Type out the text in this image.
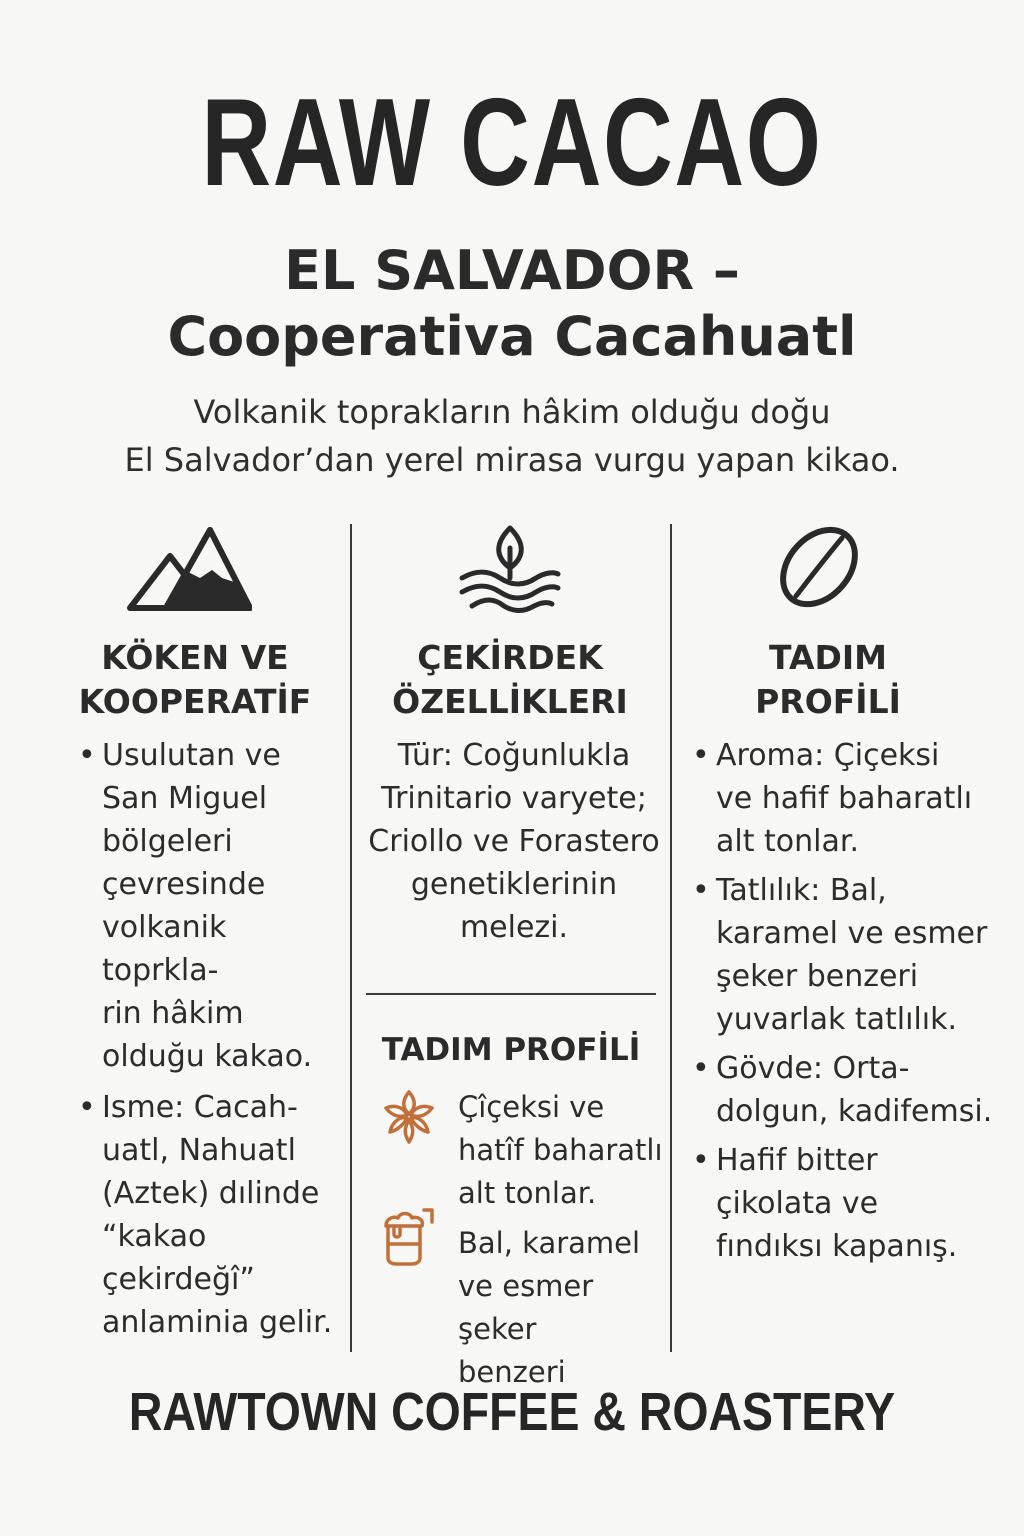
RAW CACAO
EL SALVADOR –
Cooperativa Cacahuatl
Volkanik toprakların hâkim olduğu doğu
El Salvador’dan yerel mirasa vurgu yapan kikao.
KÖKEN VE
KOOPERATİF
ÇEKİRDEK
ÖZELLİKLERI
TADIM
PROFİLİ
• Usulutan ve
San Miguel
bölgeleri
çevresinde
volkanik toprkla-
rin hâkim
olduğu kakao.
• Isme: Cacah-
uatl, Nahuatl
(Aztek) dılinde
“kakao
çekirdeğî”
anlaminia gelir.
Tür: Coğunlukla
Trinitario varyete;
Criollo ve Forastero
genetiklerinin
melezi.
TADIM PROFİLİ
Çîçeksi ve
hatîf baharatlı
alt tonlar.
Bal, karamel
ve esmer şeker
benzeri
• Aroma: Çiçeksi
ve hafif baharatlı
alt tonlar.
• Tatlılık: Bal,
karamel ve esmer
şeker benzeri
yuvarlak tatlılık.
• Gövde: Orta-
dolgun, kadifemsi.
• Hafif bitter
çikolata ve
fındıksı kapanış.
RAWTOWN COFFEE & ROASTERY
